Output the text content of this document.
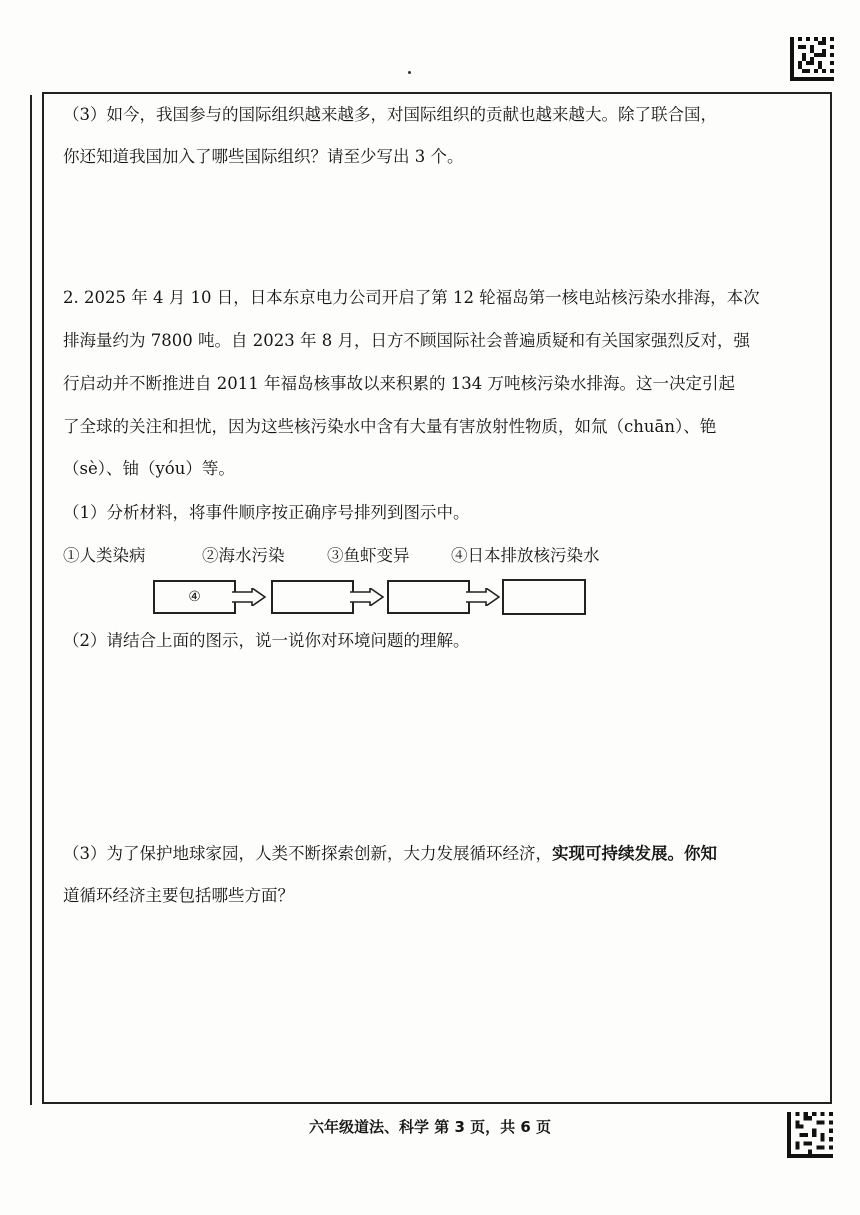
（3）如今，我国参与的国际组织越来越多，对国际组织的贡献也越来越大。除了联合国，
你还知道我国加入了哪些国际组织？请至少写出 3 个。
2. 2025 年 4 月 10 日，日本东京电力公司开启了第 12 轮福岛第一核电站核污染水排海，本次
排海量约为 7800 吨。自 2023 年 8 月，日方不顾国际社会普遍质疑和有关国家强烈反对，强
行启动并不断推进自 2011 年福岛核事故以来积累的 134 万吨核污染水排海。这一决定引起
了全球的关注和担忧，因为这些核污染水中含有大量有害放射性物质，如氚（chuān）、铯
（sè）、铀（yóu）等。
（1）分析材料，将事件顺序按正确序号排列到图示中。
①人类染病	②海水污染	③鱼虾变异	④日本排放核污染水
④
（2）请结合上面的图示，说一说你对环境问题的理解。
（3）为了保护地球家园，人类不断探索创新，大力发展循环经济，实现可持续发展。你知
道循环经济主要包括哪些方面？
六年级道法、科学 第 3 页，共 6 页
